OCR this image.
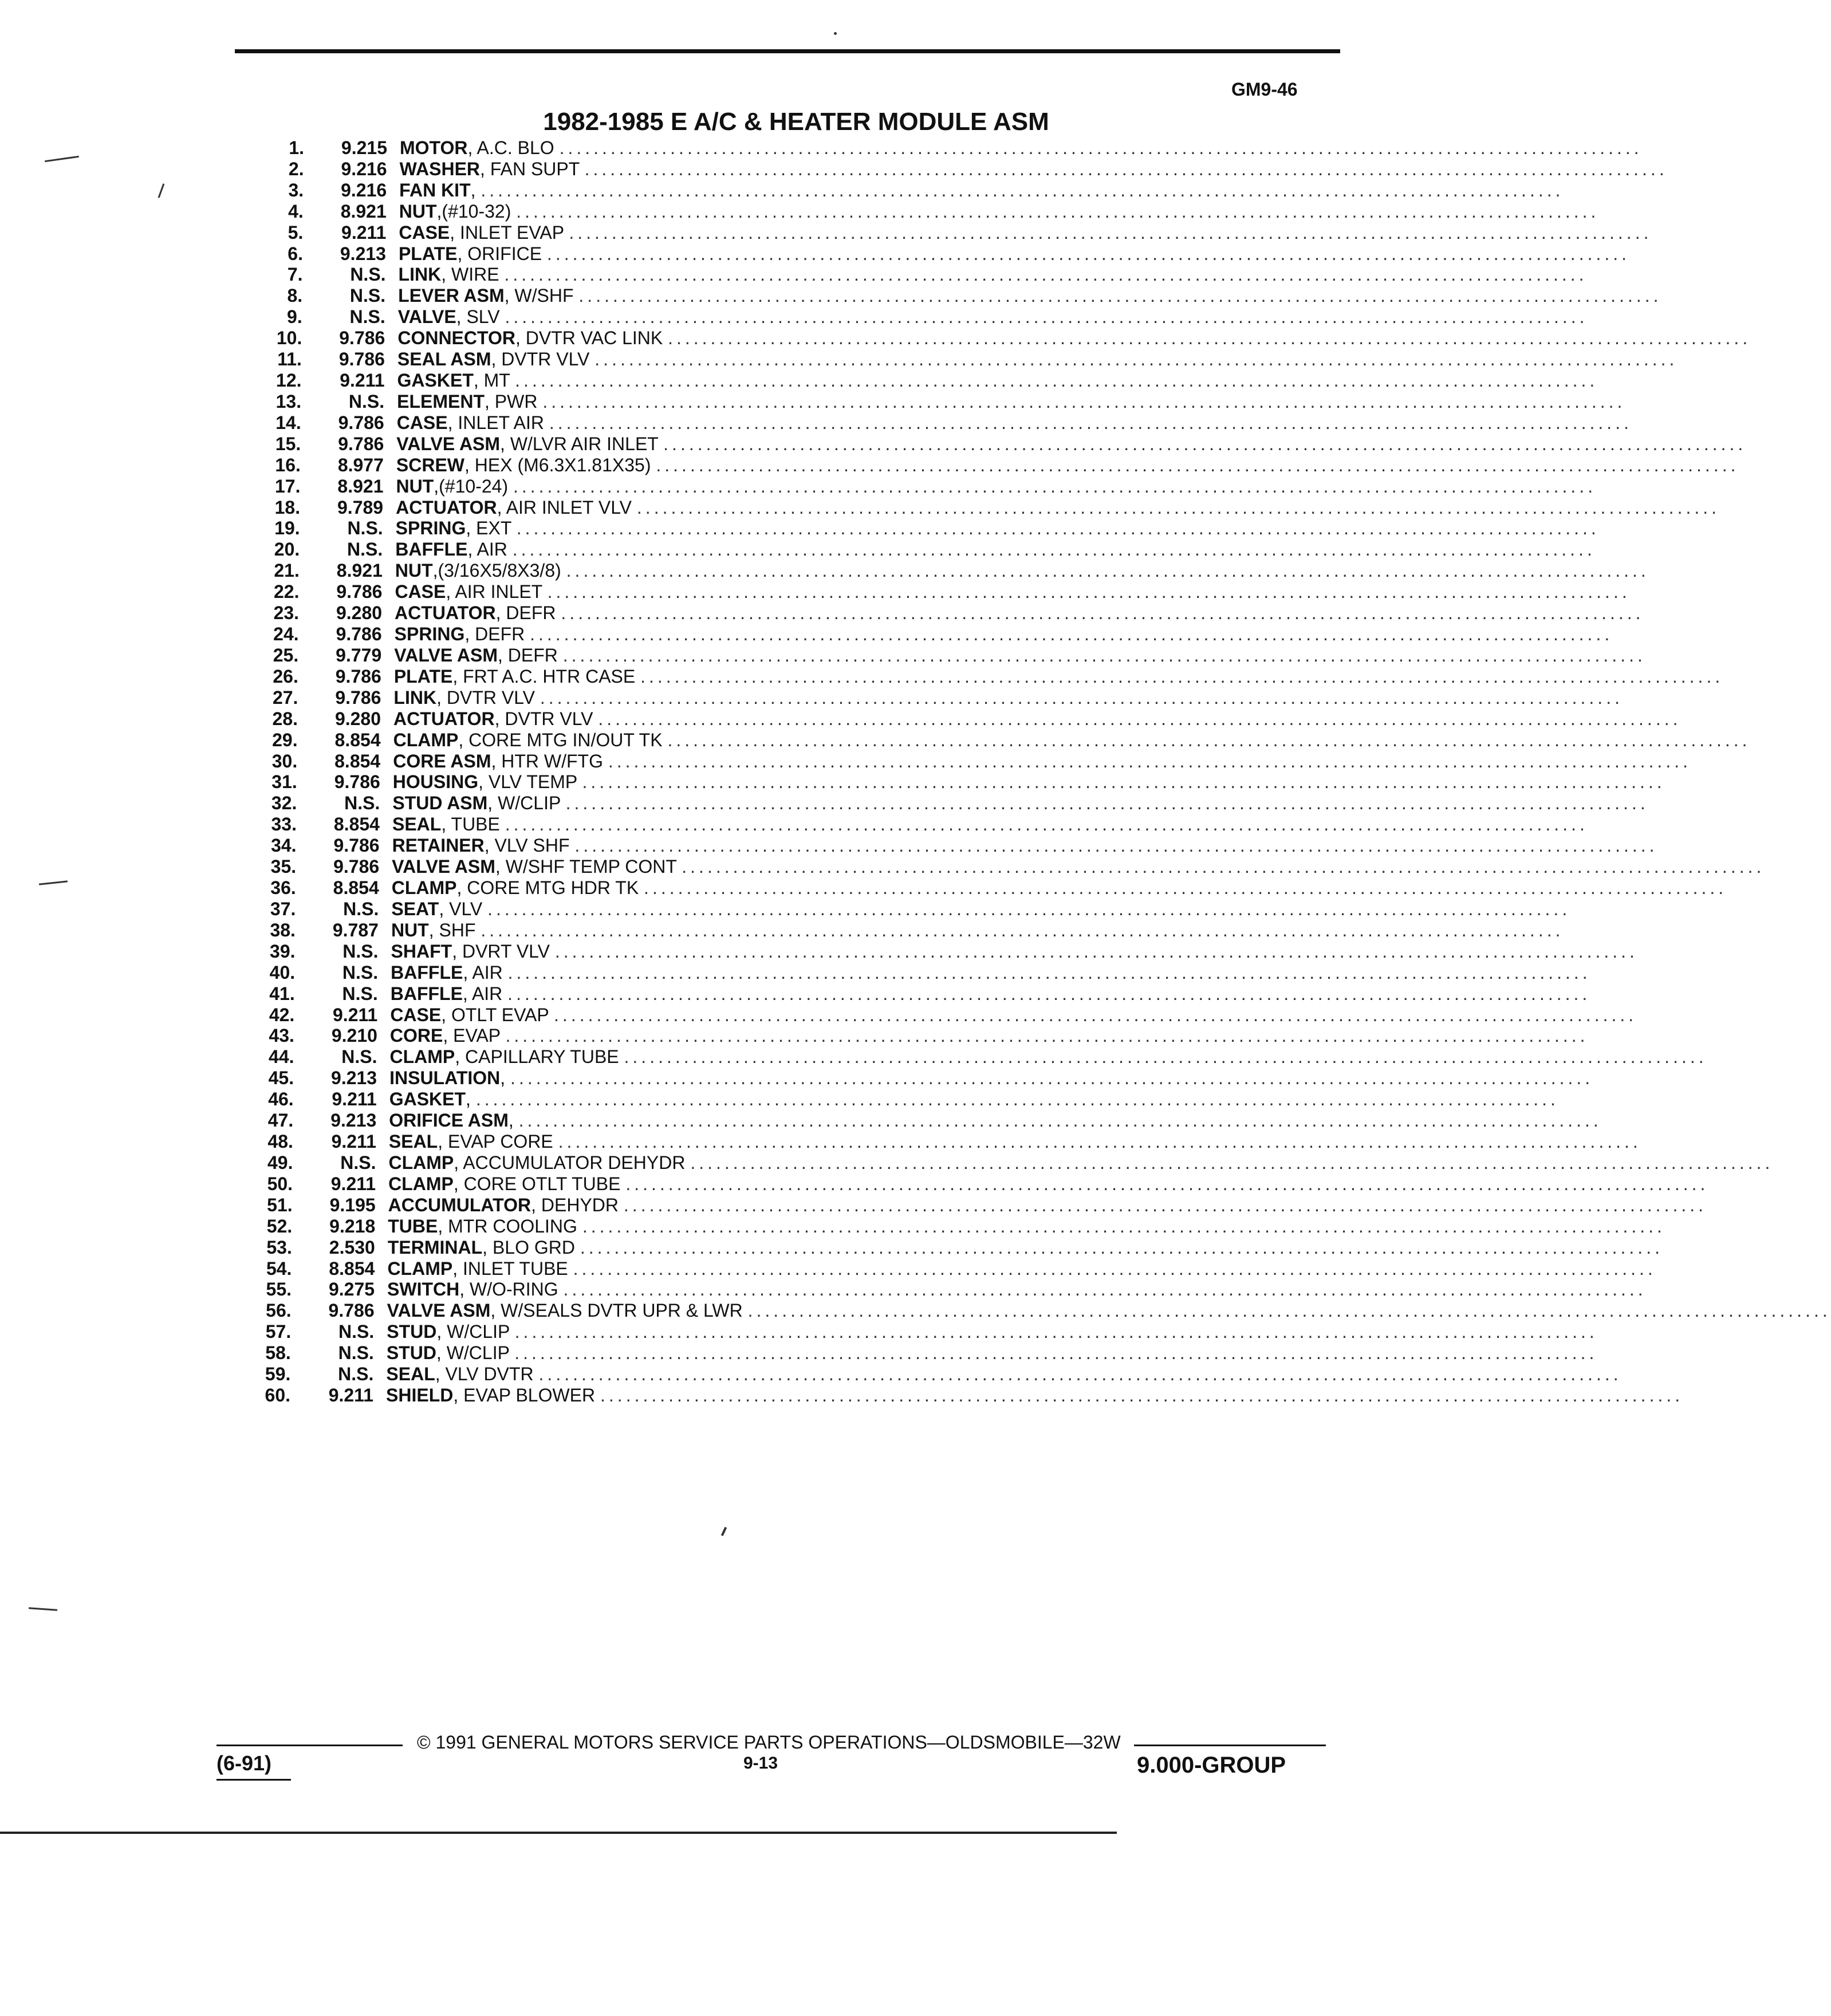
GM9-46
1982-1985 E A/C & HEATER MODULE ASM
1.	9.215 MOTOR, A.C. BLO ...............................................................................................................................
2.	9.216 WASHER, FAN SUPT ...............................................................................................................................
3.	9.216 FAN KIT, ...............................................................................................................................
4.	8.921 NUT,(#10-32) ...............................................................................................................................
5.	9.211 CASE, INLET EVAP ...............................................................................................................................
6.	9.213 PLATE, ORIFICE ...............................................................................................................................
7.	N.S. LINK, WIRE ...............................................................................................................................
8.	N.S. LEVER ASM, W/SHF ...............................................................................................................................
9.	N.S. VALVE, SLV ...............................................................................................................................
10.	9.786 CONNECTOR, DVTR VAC LINK ...............................................................................................................................
11.	9.786 SEAL ASM, DVTR VLV ...............................................................................................................................
12.	9.211 GASKET, MT ...............................................................................................................................
13.	N.S. ELEMENT, PWR ...............................................................................................................................
14.	9.786 CASE, INLET AIR ...............................................................................................................................
15.	9.786 VALVE ASM, W/LVR AIR INLET ...............................................................................................................................
16.	8.977 SCREW, HEX (M6.3X1.81X35) ...............................................................................................................................
17.	8.921 NUT,(#10-24) ...............................................................................................................................
18.	9.789 ACTUATOR, AIR INLET VLV ...............................................................................................................................
19.	N.S. SPRING, EXT ...............................................................................................................................
20.	N.S. BAFFLE, AIR ...............................................................................................................................
21.	8.921 NUT,(3/16X5/8X3/8) ...............................................................................................................................
22.	9.786 CASE, AIR INLET ...............................................................................................................................
23.	9.280 ACTUATOR, DEFR ...............................................................................................................................
24.	9.786 SPRING, DEFR ...............................................................................................................................
25.	9.779 VALVE ASM, DEFR ...............................................................................................................................
26.	9.786 PLATE, FRT A.C. HTR CASE ...............................................................................................................................
27.	9.786 LINK, DVTR VLV ...............................................................................................................................
28.	9.280 ACTUATOR, DVTR VLV ...............................................................................................................................
29.	8.854 CLAMP, CORE MTG IN/OUT TK ...............................................................................................................................
30.	8.854 CORE ASM, HTR W/FTG ...............................................................................................................................
31.	9.786 HOUSING, VLV TEMP ...............................................................................................................................
32.	N.S. STUD ASM, W/CLIP ...............................................................................................................................
33.	8.854 SEAL, TUBE ...............................................................................................................................
34.	9.786 RETAINER, VLV SHF ...............................................................................................................................
35.	9.786 VALVE ASM, W/SHF TEMP CONT ...............................................................................................................................
36.	8.854 CLAMP, CORE MTG HDR TK ...............................................................................................................................
37.	N.S. SEAT, VLV ...............................................................................................................................
38.	9.787 NUT, SHF ...............................................................................................................................
39.	N.S. SHAFT, DVRT VLV ...............................................................................................................................
40.	N.S. BAFFLE, AIR ...............................................................................................................................
41.	N.S. BAFFLE, AIR ...............................................................................................................................
42.	9.211 CASE, OTLT EVAP ...............................................................................................................................
43.	9.210 CORE, EVAP ...............................................................................................................................
44.	N.S. CLAMP, CAPILLARY TUBE ...............................................................................................................................
45.	9.213 INSULATION, ...............................................................................................................................
46.	9.211 GASKET, ...............................................................................................................................
47.	9.213 ORIFICE ASM, ...............................................................................................................................
48.	9.211 SEAL, EVAP CORE ...............................................................................................................................
49.	N.S. CLAMP, ACCUMULATOR DEHYDR ...............................................................................................................................
50.	9.211 CLAMP, CORE OTLT TUBE ...............................................................................................................................
51.	9.195 ACCUMULATOR, DEHYDR ...............................................................................................................................
52.	9.218 TUBE, MTR COOLING ...............................................................................................................................
53.	2.530 TERMINAL, BLO GRD ...............................................................................................................................
54.	8.854 CLAMP, INLET TUBE ...............................................................................................................................
55.	9.275 SWITCH, W/O-RING ...............................................................................................................................
56.	9.786 VALVE ASM, W/SEALS DVTR UPR & LWR ...............................................................................................................................
57.	N.S. STUD, W/CLIP ...............................................................................................................................
58.	N.S. STUD, W/CLIP ...............................................................................................................................
59.	N.S. SEAL, VLV DVTR ...............................................................................................................................
60.	9.211 SHIELD, EVAP BLOWER ...............................................................................................................................
© 1991 GENERAL MOTORS SERVICE PARTS OPERATIONS—OLDSMOBILE—32W
(6-91)	9-13	9.000-GROUP
